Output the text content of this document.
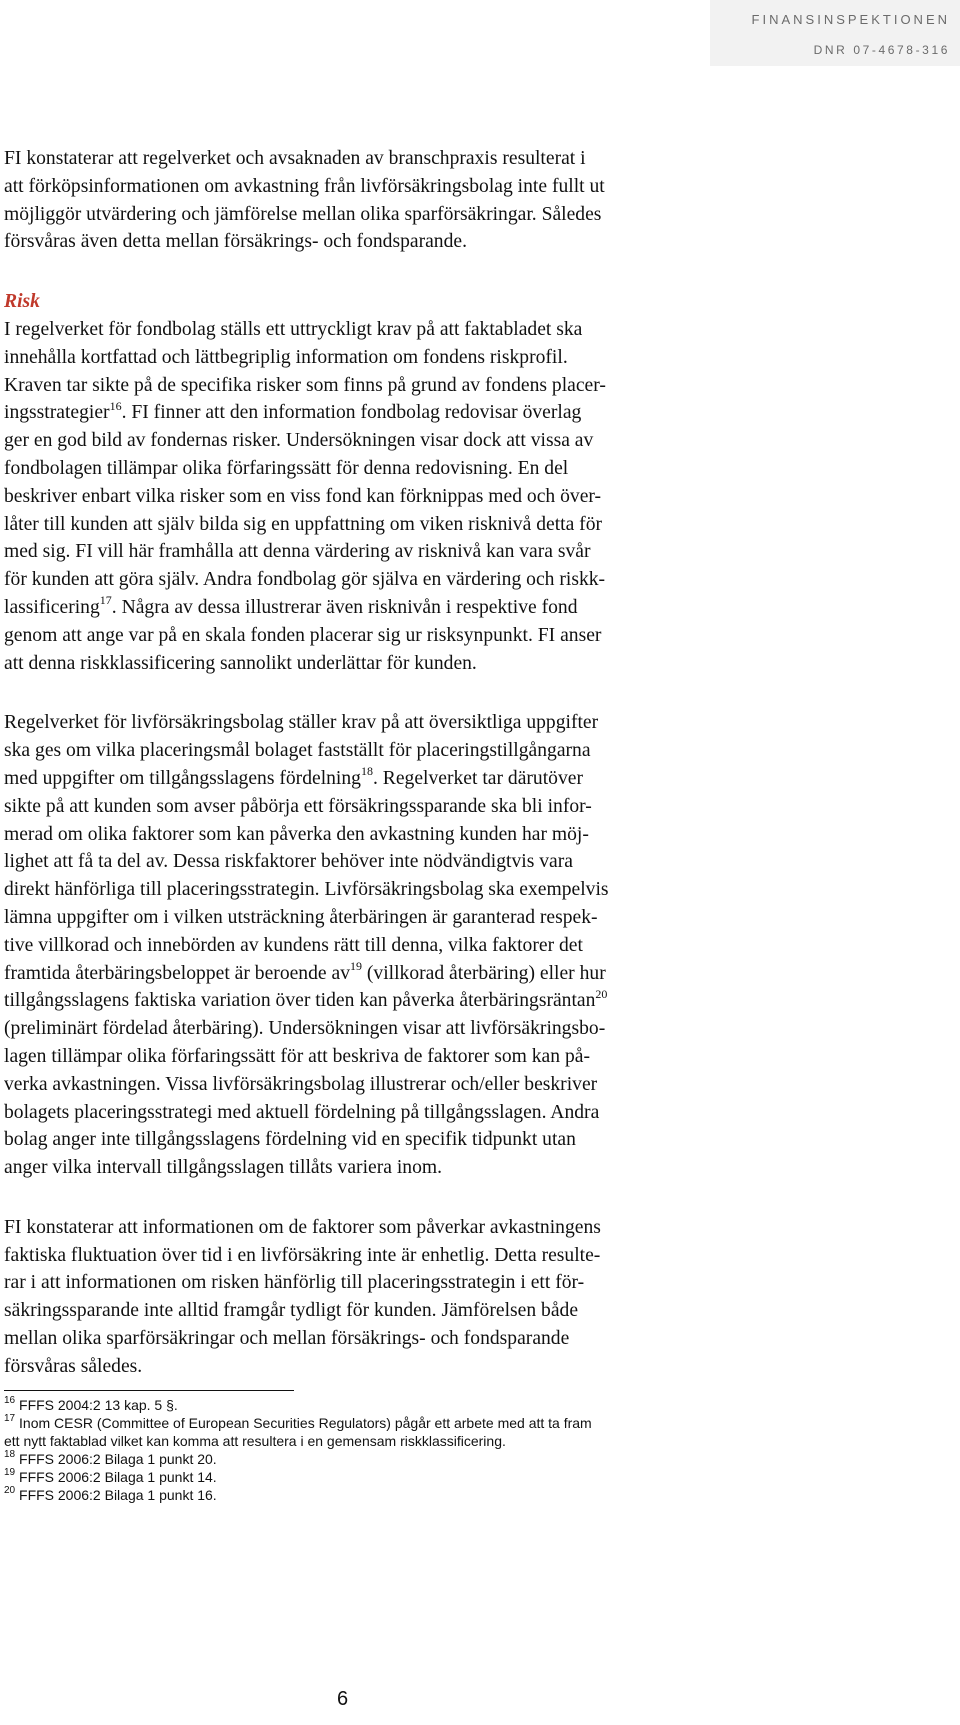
FINANSINSPEKTIONEN
DNR 07-4678-316

FI konstaterar att regelverket och avsaknaden av branschpraxis resulterat i

att förköpsinformationen om avkastning från livförsäkringsbolag inte fullt ut

möjliggör utvärdering och jämförelse mellan olika sparförsäkringar. Således

försvåras även detta mellan försäkrings- och fondsparande.

Risk

I regelverket för fondbolag ställs ett uttryckligt krav på att faktabladet ska

innehålla kortfattad och lättbegriplig information om fondens riskprofil.

Kraven tar sikte på de specifika risker som finns på grund av fondens placer-

ingsstrategier$^{16}$. FI finner att den information fondbolag redovisar överlag

ger en god bild av fondernas risker. Undersökningen visar dock att vissa av

fondbolagen tillämpar olika förfaringssätt för denna redovisning. En del

beskriver enbart vilka risker som en viss fond kan förknippas med och över-

låter till kunden att själv bilda sig en uppfattning om viken risknivå detta för

med sig. FI vill här framhålla att denna värdering av risknivå kan vara svår

för kunden att göra själv. Andra fondbolag gör själva en värdering och riskk-

lassificering$^{17}$. Några av dessa illustrerar även risknivån i respektive fond

genom att ange var på en skala fonden placerar sig ur risksynpunkt. FI anser

att denna riskklassificering sannolikt underlättar för kunden.

Regelverket för livförsäkringsbolag ställer krav på att översiktliga uppgifter

ska ges om vilka placeringsmål bolaget fastställt för placeringstillgångarna

med uppgifter om tillgångsslagens fördelning$^{18}$. Regelverket tar därutöver

sikte på att kunden som avser påbörja ett försäkringssparande ska bli infor-

merad om olika faktorer som kan påverka den avkastning kunden har möj-

lighet att få ta del av. Dessa riskfaktorer behöver inte nödvändigtvis vara

direkt hänförliga till placeringsstrategin. Livförsäkringsbolag ska exempelvis

lämna uppgifter om i vilken utsträckning återbäringen är garanterad respek-

tive villkorad och innebörden av kundens rätt till denna, vilka faktorer det

framtida återbäringsbeloppet är beroende $av^{19}$ (villkorad återbäring) eller hur

tillgångsslagens faktiska variation över tiden kan påverka återbäringsräntan$^{20}$

(preliminärt fördelad återbäring). Undersökningen visar att livförsäkringsbo-

lagen tillämpar olika förfaringssätt för att beskriva de faktorer som kan på-

verka avkastningen. Vissa livförsäkringsbolag illustrerar och/eller beskriver

bolagets placeringsstrategi med aktuell fördelning på tillgångsslagen. Andra

bolag anger inte tillgångsslagens fördelning vid en specifik tidpunkt utan

anger vilka intervall tillgångsslagen tillåts variera inom.

FI konstaterar att informationen om de faktorer som påverkar avkastningens

faktiska fluktuation över tid i en livförsäkring inte är enhetlig. Detta resulte-

rar i att informationen om risken hänförlig till placeringsstrategin i ett för-

säkringssparande inte alltid framgår tydligt för kunden. Jämförelsen både

mellan olika sparförsäkringar och mellan försäkrings- och fondsparande

försvåras således.

$^{16}$ FFFS 2004:2 13 kap. 5 §.

$^{17}$ Inom CESR (Committee of European Securities Regulators) pågår ett arbete med att ta fram

ett nytt faktablad vilket kan komma att resultera i en gemensam riskklassificering.

$^{18}$ FFFS 2006:2 Bilaga 1 punkt 20.

$^{19}$ FFFS 2006:2 Bilaga 1 punkt 14.

$^{20}$ FFFS 2006:2 Bilaga 1 punkt 16.

6
